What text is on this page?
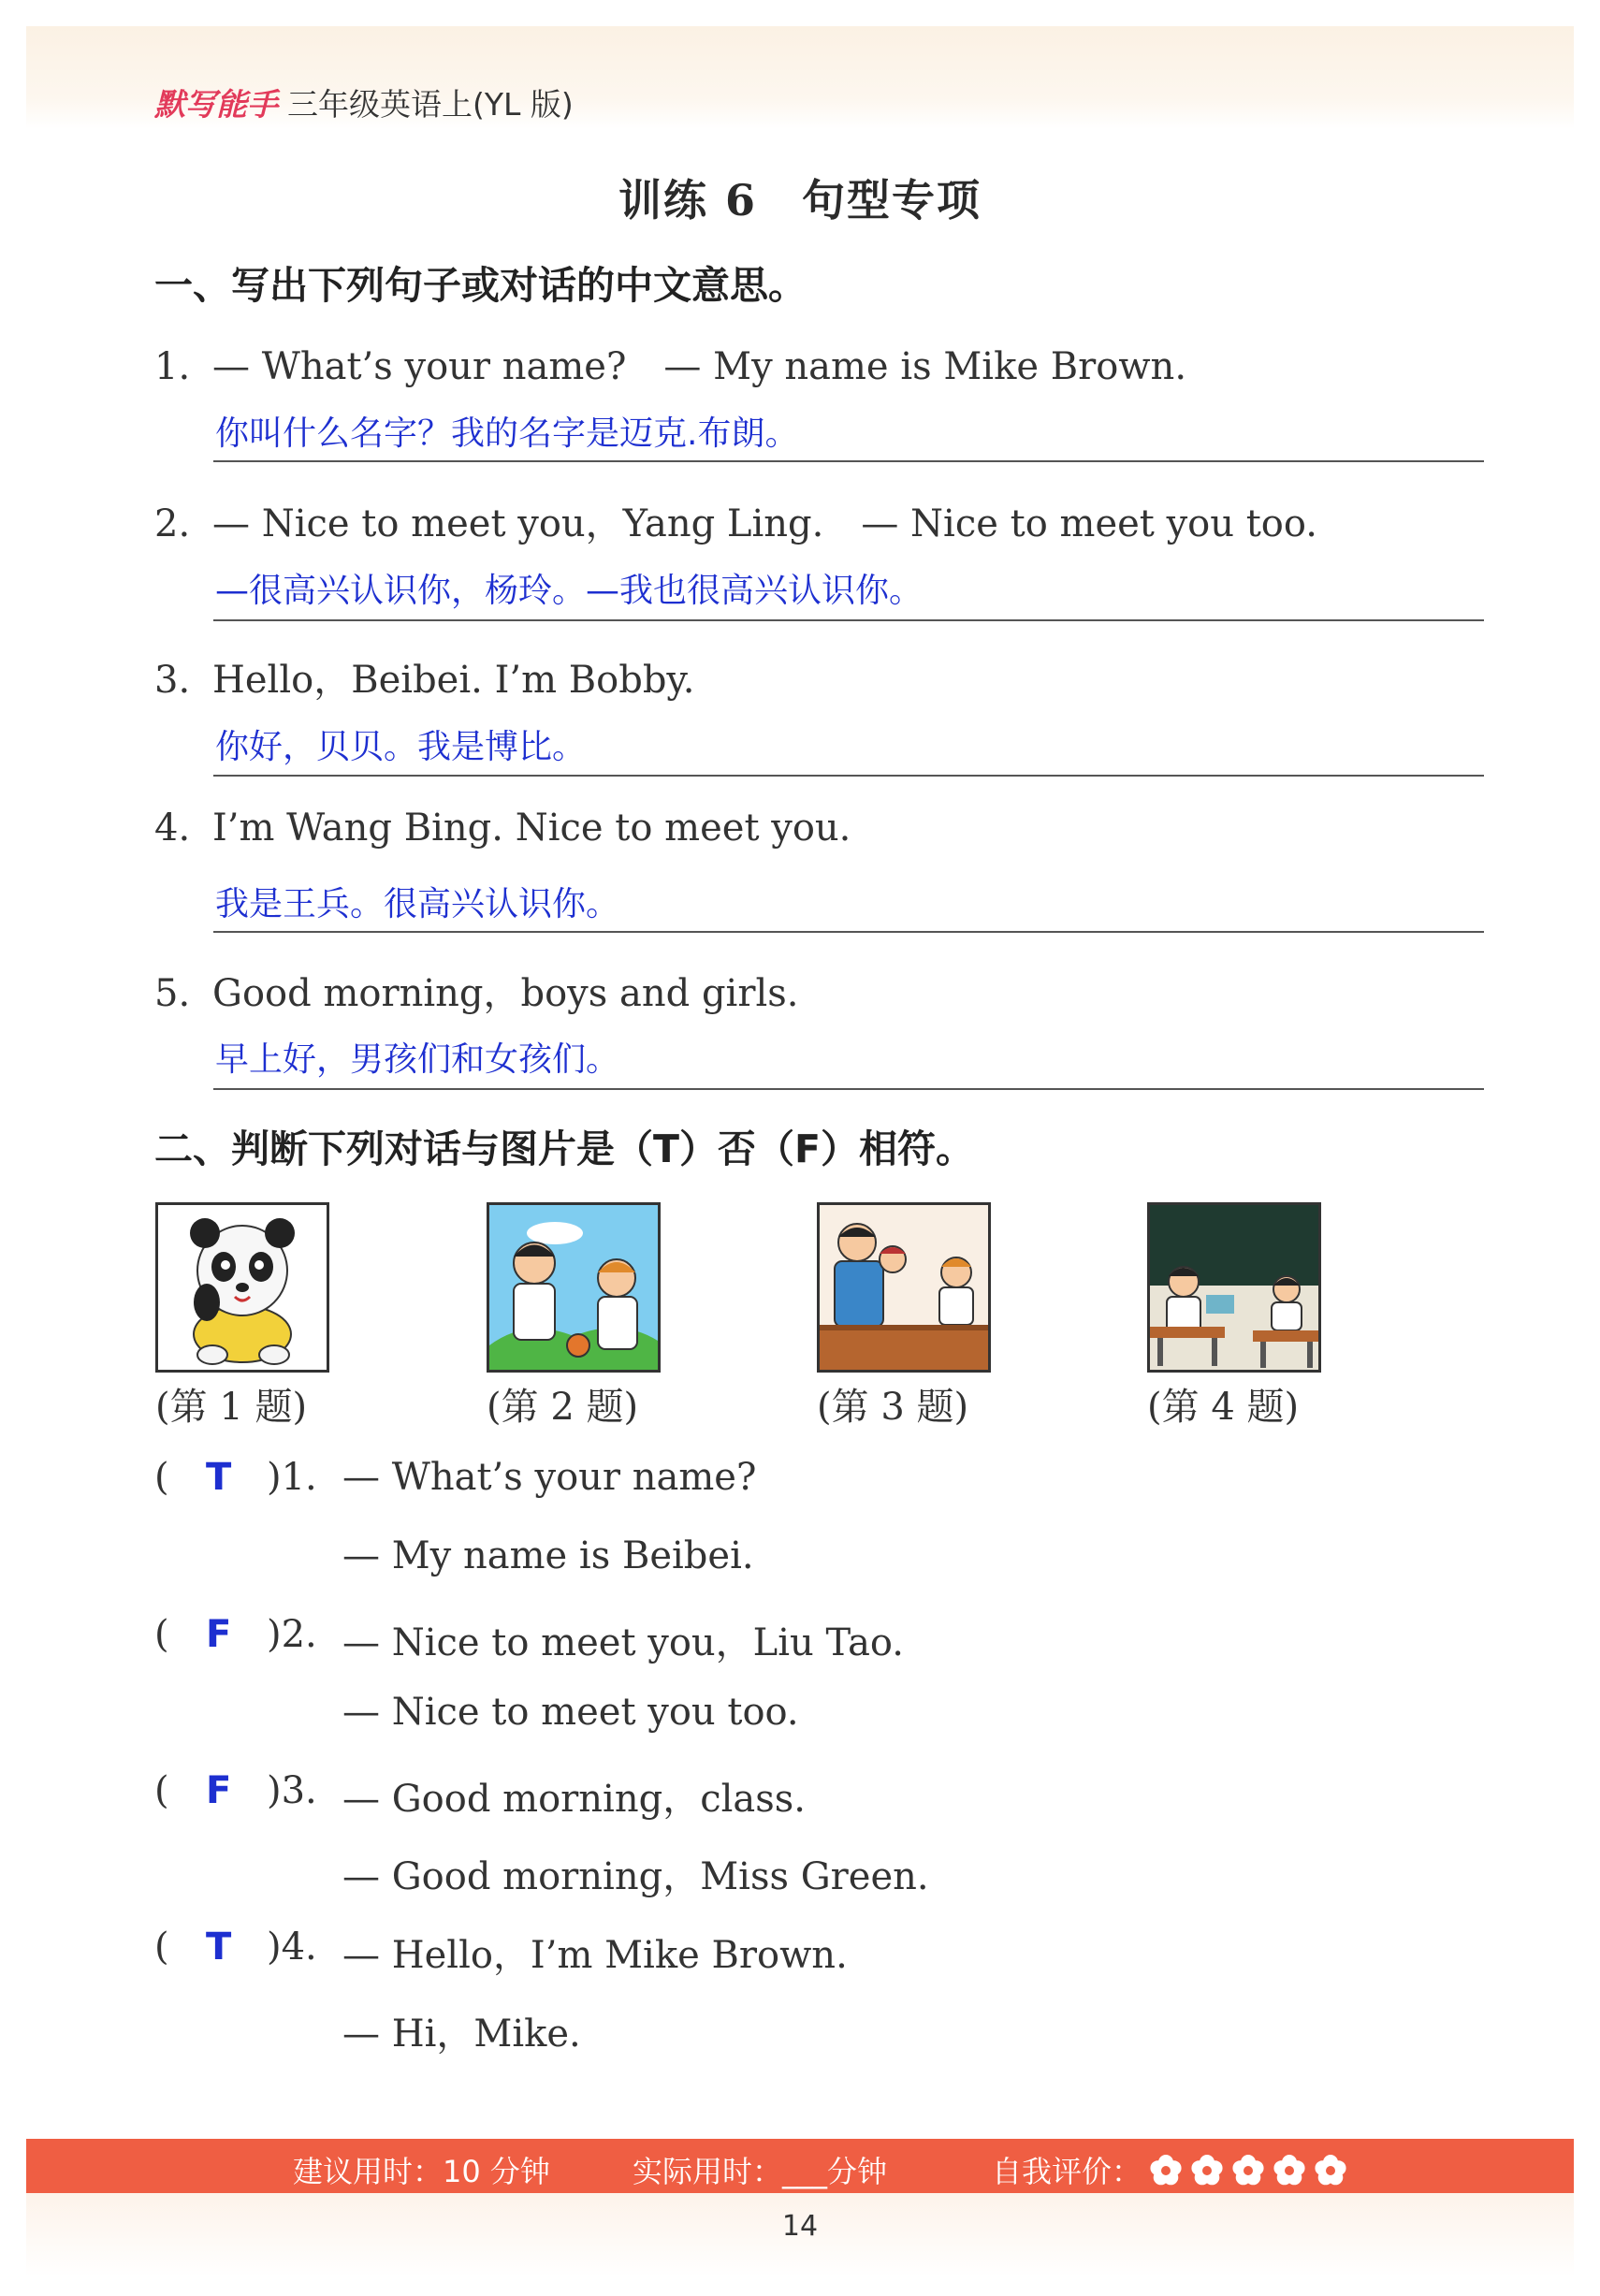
默写能手 三年级英语上(YL 版)
训练 6　句型专项
一、写出下列句子或对话的中文意思。
1. — What’s your name?　— My name is Mike Brown.
你叫什么名字？我的名字是迈克.布朗。
2. — Nice to meet you，Yang Ling.　— Nice to meet you too.
—很高兴认识你，杨玲。—我也很高兴认识你。
3. Hello，Beibei. I’m Bobby.
你好，贝贝。我是博比。
4. I’m Wang Bing. Nice to meet you.
我是王兵。很高兴认识你。
5. Good morning，boys and girls.
早上好，男孩们和女孩们。
二、判断下列对话与图片是（T）否（F）相符。
(第 1 题)	(第 2 题)	(第 3 题)	(第 4 题)
( T )1. — What’s your name?
— My name is Beibei.
( F )2. — Nice to meet you，Liu Tao.
— Nice to meet you too.
( F )3. — Good morning，class.
— Good morning，Miss Green.
( T )4. — Hello，I’m Mike Brown.
— Hi，Mike.
建议用时：10 分钟	实际用时：___分钟	自我评价：
14
